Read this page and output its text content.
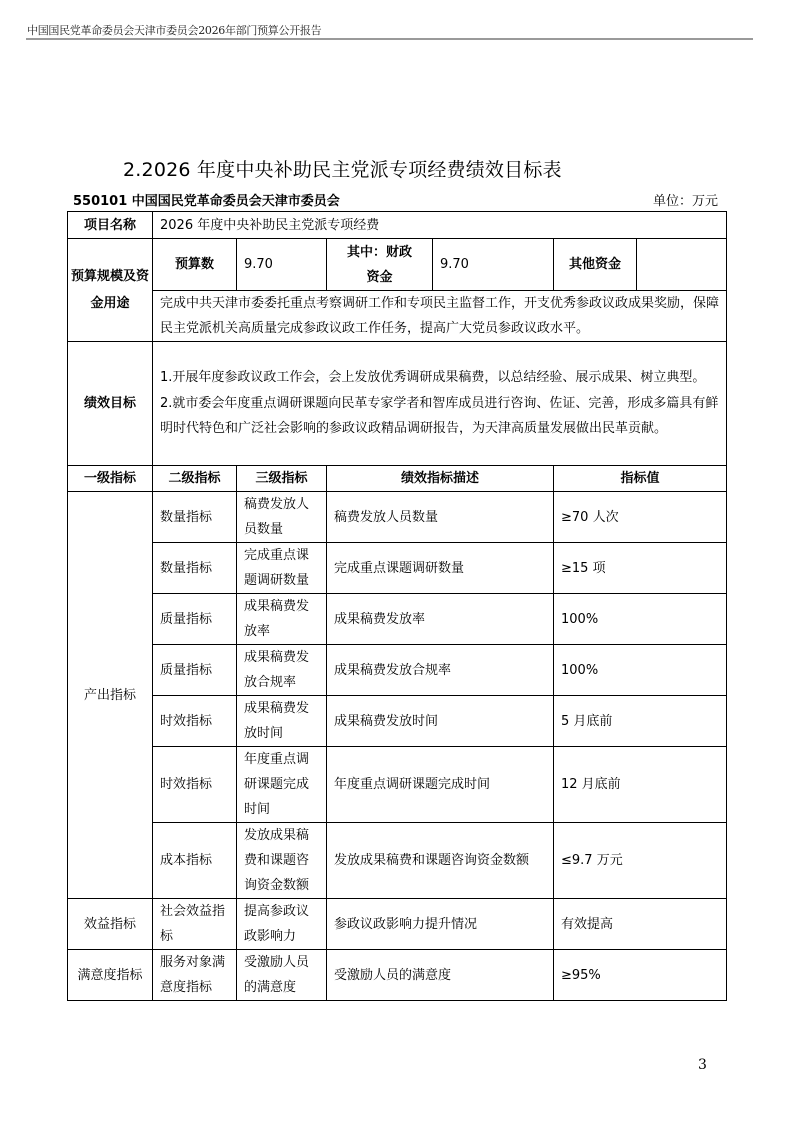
中国国民党革命委员会天津市委员会2026年部门预算公开报告
2.2026 年度中央补助民主党派专项经费绩效目标表
550101 中国国民党革命委员会天津市委员会	单位：万元
项目名称	2026 年度中央补助民主党派专项经费					
预算规模及资金用途	预算数	9.70	其中：财政资金	9.70	其他资金	
	完成中共天津市委委托重点考察调研工作和专项民主监督工作，开支优秀参政议政成果奖励，保障民主党派机关高质量完成参政议政工作任务，提高广大党员参政议政水平。					
绩效目标	1.开展年度参政议政工作会，会上发放优秀调研成果稿费，以总结经验、展示成果、树立典型。
2.就市委会年度重点调研课题向民革专家学者和智库成员进行咨询、佐证、完善，形成多篇具有鲜明时代特色和广泛社会影响的参政议政精品调研报告，为天津高质量发展做出民革贡献。					

一级指标	二级指标	三级指标	绩效指标描述		指标值	
产出指标	数量指标	稿费发放人员数量	稿费发放人员数量		≥70 人次	
	数量指标	完成重点课题调研数量	完成重点课题调研数量		≥15 项	
	质量指标	成果稿费发放率	成果稿费发放率		100%	
	质量指标	成果稿费发放合规率	成果稿费发放合规率		100%	
	时效指标	成果稿费发放时间	成果稿费发放时间		5 月底前	
	时效指标	年度重点调研课题完成时间	年度重点调研课题完成时间		12 月底前	
	成本指标	发放成果稿费和课题咨询资金数额	发放成果稿费和课题咨询资金数额		≤9.7 万元	
效益指标	社会效益指标	提高参政议政影响力	参政议政影响力提升情况		有效提高	
满意度指标	服务对象满意度指标	受激励人员的满意度	受激励人员的满意度		≥95%	
3
